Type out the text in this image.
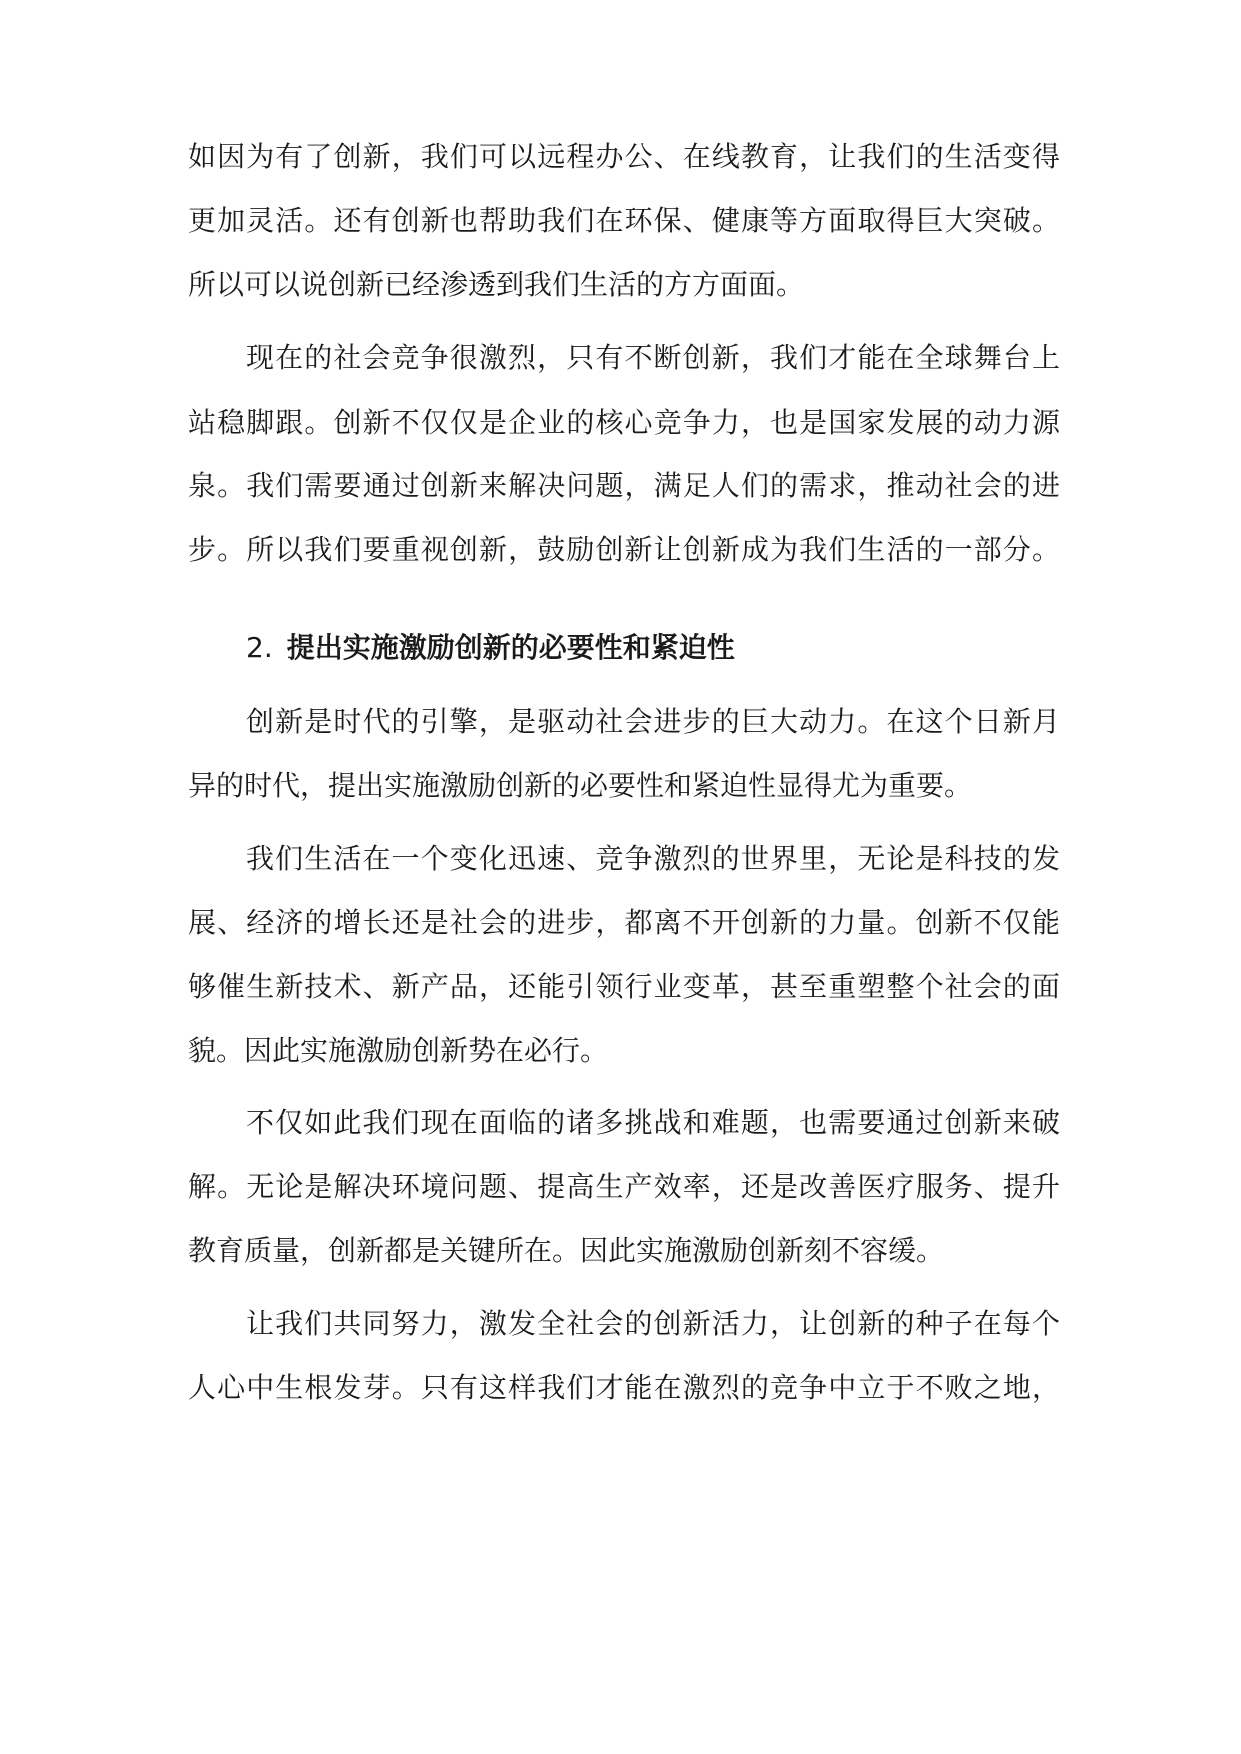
如因为有了创新，我们可以远程办公、在线教育，让我们的生活变得
更加灵活。还有创新也帮助我们在环保、健康等方面取得巨大突破。
所以可以说创新已经渗透到我们生活的方方面面。
现在的社会竞争很激烈，只有不断创新，我们才能在全球舞台上
站稳脚跟。创新不仅仅是企业的核心竞争力，也是国家发展的动力源
泉。我们需要通过创新来解决问题，满足人们的需求，推动社会的进
步。所以我们要重视创新，鼓励创新让创新成为我们生活的一部分。
2. 提出实施激励创新的必要性和紧迫性
创新是时代的引擎，是驱动社会进步的巨大动力。在这个日新月
异的时代，提出实施激励创新的必要性和紧迫性显得尤为重要。
我们生活在一个变化迅速、竞争激烈的世界里，无论是科技的发
展、经济的增长还是社会的进步，都离不开创新的力量。创新不仅能
够催生新技术、新产品，还能引领行业变革，甚至重塑整个社会的面
貌。因此实施激励创新势在必行。
不仅如此我们现在面临的诸多挑战和难题，也需要通过创新来破
解。无论是解决环境问题、提高生产效率，还是改善医疗服务、提升
教育质量，创新都是关键所在。因此实施激励创新刻不容缓。
让我们共同努力，激发全社会的创新活力，让创新的种子在每个
人心中生根发芽。只有这样我们才能在激烈的竞争中立于不败之地，
